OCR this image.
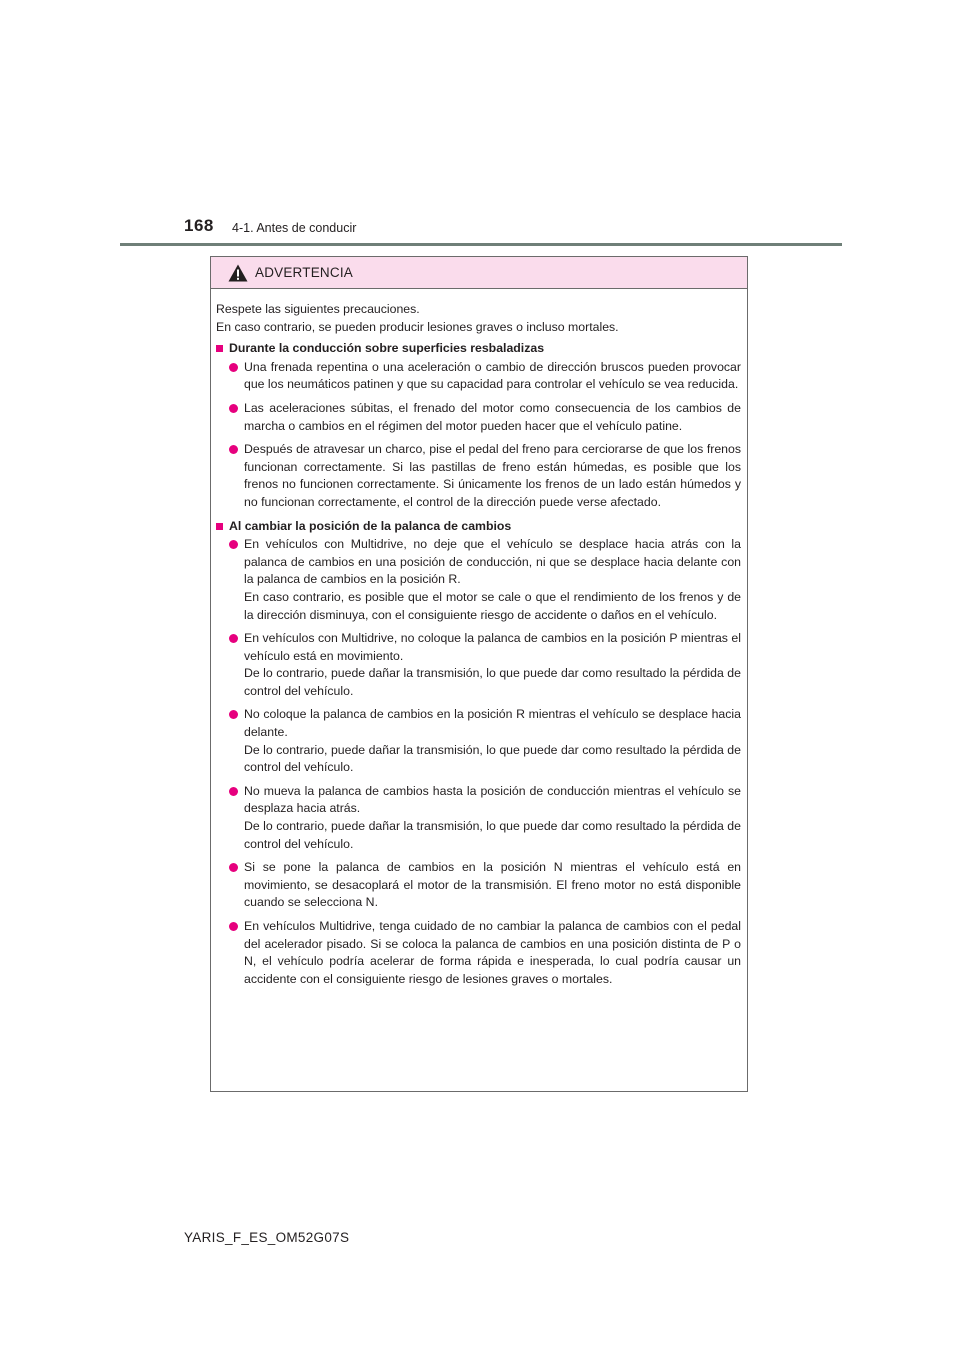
168 4-1. Antes de conducir
ADVERTENCIA
Respete las siguientes precauciones.
En caso contrario, se pueden producir lesiones graves o incluso mortales.
Durante la conducción sobre superficies resbaladizas

Una frenada repentina o una aceleración o cambio de dirección bruscos pueden provocar que los neumáticos patinen y que su capacidad para controlar el vehículo se vea reducida.

Las aceleraciones súbitas, el frenado del motor como consecuencia de los cambios de marcha o cambios en el régimen del motor pueden hacer que el vehículo patine.

Después de atravesar un charco, pise el pedal del freno para cerciorarse de que los frenos funcionan correctamente. Si las pastillas de freno están húmedas, es posible que los frenos no funcionen correctamente. Si únicamente los frenos de un lado están húmedos y no funcionan correctamente, el control de la dirección puede verse afectado.

Al cambiar la posición de la palanca de cambios

En vehículos con Multidrive, no deje que el vehículo se desplace hacia atrás con la palanca de cambios en una posición de conducción, ni que se desplace hacia delante con la palanca de cambios en la posición R.

En caso contrario, es posible que el motor se cale o que el rendimiento de los frenos y de la dirección disminuya, con el consiguiente riesgo de accidente o daños en el vehículo.

En vehículos con Multidrive, no coloque la palanca de cambios en la posición P mientras el vehículo está en movimiento.

De lo contrario, puede dañar la transmisión, lo que puede dar como resultado la pérdida de control del vehículo.

No coloque la palanca de cambios en la posición R mientras el vehículo se desplace hacia delante.

De lo contrario, puede dañar la transmisión, lo que puede dar como resultado la pérdida de control del vehículo.

No mueva la palanca de cambios hasta la posición de conducción mientras el vehículo se desplaza hacia atrás.

De lo contrario, puede dañar la transmisión, lo que puede dar como resultado la pérdida de control del vehículo.

Si se pone la palanca de cambios en la posición N mientras el vehículo está en movimiento, se desacoplará el motor de la transmisión. El freno motor no está disponible cuando se selecciona N.

En vehículos Multidrive, tenga cuidado de no cambiar la palanca de cambios con el pedal del acelerador pisado. Si se coloca la palanca de cambios en una posición distinta de P o N, el vehículo podría acelerar de forma rápida e inesperada, lo cual podría causar un accidente con el consiguiente riesgo de lesiones graves o mortales.

YARIS_F_ES_OM52G07S
